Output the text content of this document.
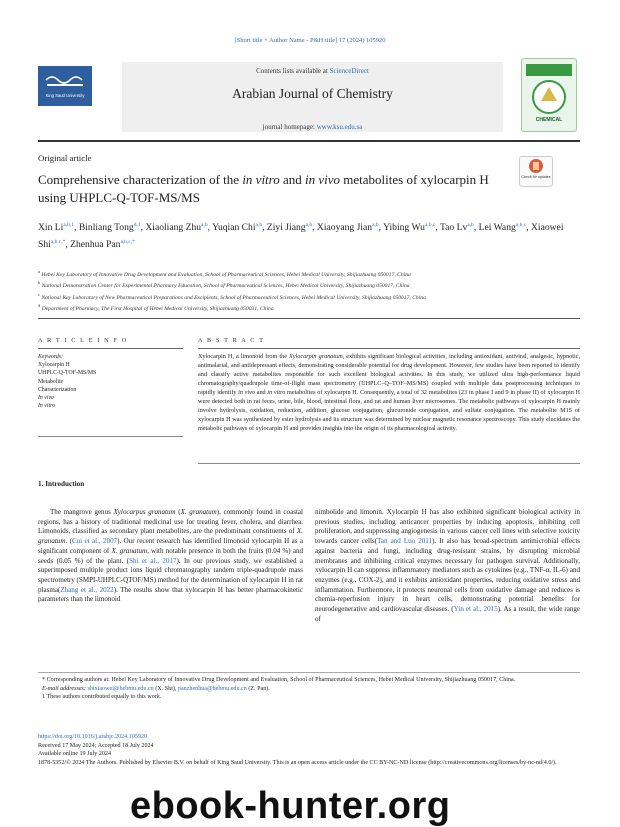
[Short title + Author Name - P&H title] 17 (2024) 105920
King Saud University
Contents lists available at ScienceDirect
Arabian Journal of Chemistry
journal homepage: www.ksu.edu.sa
CHEMICAL
Original article
Comprehensive characterization of the in vitro and in vivo metabolites of xylocarpin H using UHPLC-Q-TOF-MS/MS
Check for updates
Xin Li$^{a,b,1}$, Binliang Tong$^{d,1}$, Xiaoliang Zhu$^{a,b}$, Yuqian Chi$^{a,b}$, Ziyi Jiang$^{a,b}$, Xiaoyang Jian$^{a,b}$, Yibing Wu$^{a,b,c}$, Tao Lv$^{a,b}$, Lei Wang$^{a,b,c}$, Xiaowei Shi$^{a,b,c,*}$, Zhenhua Pan$^{a,b,c,*}$
$^a$ Hebei Key Laboratory of Innovative Drug Development and Evaluation, School of Pharmaceutical Sciences, Hebei Medical University, Shijiazhuang 050017, China
$^b$ National Demonstration Center for Experimental Pharmacy Education, School of Pharmaceutical Sciences, Hebei Medical University, Shijiazhuang 050017, China
$^c$ National Key Laboratory of New Pharmaceutical Preparations and Excipients, School of Pharmaceutical Sciences, Hebei Medical University, Shijiazhuang 050017, China
$^d$ Department of Pharmacy, The First Hospital of Hebei Medical University, Shijiazhuang 050031, China
A R T I C L E I N F O	A B S T R A C T
Keywords:
Xylocarpin H
UHPLC-Q-TOF-MS/MS
Metabolite
Characterization
In vivo
In vitro
Xylocarpin H, a limonoid from the Xylocarpin granatum, exhibits significant biological activities, including antioxidant, antiviral, analgesic, hypnotic, antimalarial, and antidepressant effects, demonstrating considerable potential for drug development. However, few studies have been reported to identify and classify active metabolites responsible for such excellent biological activities. In this study, we utilized ultra high-performance liquid chromatography/quadrupole time-of-flight mass spectrometry (UHPLC–Q–TOF–MS/MS) coupled with multiple data postprocessing techniques to rapidly identify in vivo and in vitro metabolites of xylocarpin H. Consequently, a total of 32 metabolites (23 in phase I and 9 in phase II) of xylocarpin H were detected both in rat feces, urine, bile, blood, intestinal flora, and rat and human liver microsomes. The metabolic pathways of xylocarpin H mainly involve hydrolysis, oxidation, reduction, addition, glucose conjugation, glucuronide conjugation, and sulfate conjugation. The metabolite M15 of xylocarpin H was synthesized by ester hydrolysis and its structure was determined by nuclear magnetic resonance spectroscopy. This study elucidates the metabolic pathways of xylocarpin H and provides insights into the origin of its pharmacological activity.
1. Introduction
The mangrove genus Xylocarpus granatum (X. granatum), commonly found in coastal regions, has a history of traditional medicinal use for treating fever, cholera, and diarrhea. Limonoids, classified as secondary plant metabolites, are the predominant constituents of X. granatum. (Cui et al., 2007). Our recent research has identified limonoid xylocarpin H as a significant component of X. granatum, with notable presence in both the fruits (0.04 %) and seeds (0.05 %) of the plant. (Shi et al., 2017). In our previous study, we established a superimposed multiple product ions liquid chromatography tandem triple-quadrupole mass spectrometry (SMPI-UHPLC-QTOF/MS) method for the determination of xylocarpin H in rat plasma(Zhang et al., 2022). The results show that xylocarpin H has better pharmacokinetic parameters than the limonoid
nimbolide and limonin. Xylocarpin H has also exhibited significant biological activity in previous studies, including anticancer properties by inducing apoptosis, inhibiting cell proliferation, and suppressing angiogenesis in various cancer cell lines with selective toxicity towards cancer cells(Tan and Luo 2011). It also has broad-spectrum antimicrobial effects against bacteria and fungi, including drug-resistant strains, by disrupting microbial membranes and inhibiting critical enzymes necessary for pathogen survival. Additionally, xylocarpin H can suppress inflammatory mediators such as cytokines (e.g., TNF-α, IL-6) and enzymes (e.g., COX-2), and it exhibits antioxidant properties, reducing oxidative stress and inflammation. Furthermore, it protects neuronal cells from oxidative damage and reduces is chemia-reperfusion injury in heart cells, demonstrating potential benefits for neurodegenerative and cardiovascular diseases. (Yin et al., 2015). As a result, the wide range of
* Corresponding authors at: Hebei Key Laboratory of Innovative Drug Development and Evaluation, School of Pharmaceutical Sciences, Hebei Medical University, Shijiazhuang 050017, China.
E-mail addresses: shixiaowei@hebmu.edu.cn (X. Shi), panzhenhua@hebmu.edu.cn (Z. Pan).
1 These authors contributed equally to this work.
https://doi.org/10.1016/j.arabjc.2024.105920
Received 17 May 2024; Accepted 18 July 2024
Available online 19 July 2024
1878-5352/© 2024 The Authors. Published by Elsevier B.V. on behalf of King Saud University. This is an open access article under the CC BY-NC-ND license (http://creativecommons.org/licenses/by-nc-nd/4.0/).
ebook-hunter.org
